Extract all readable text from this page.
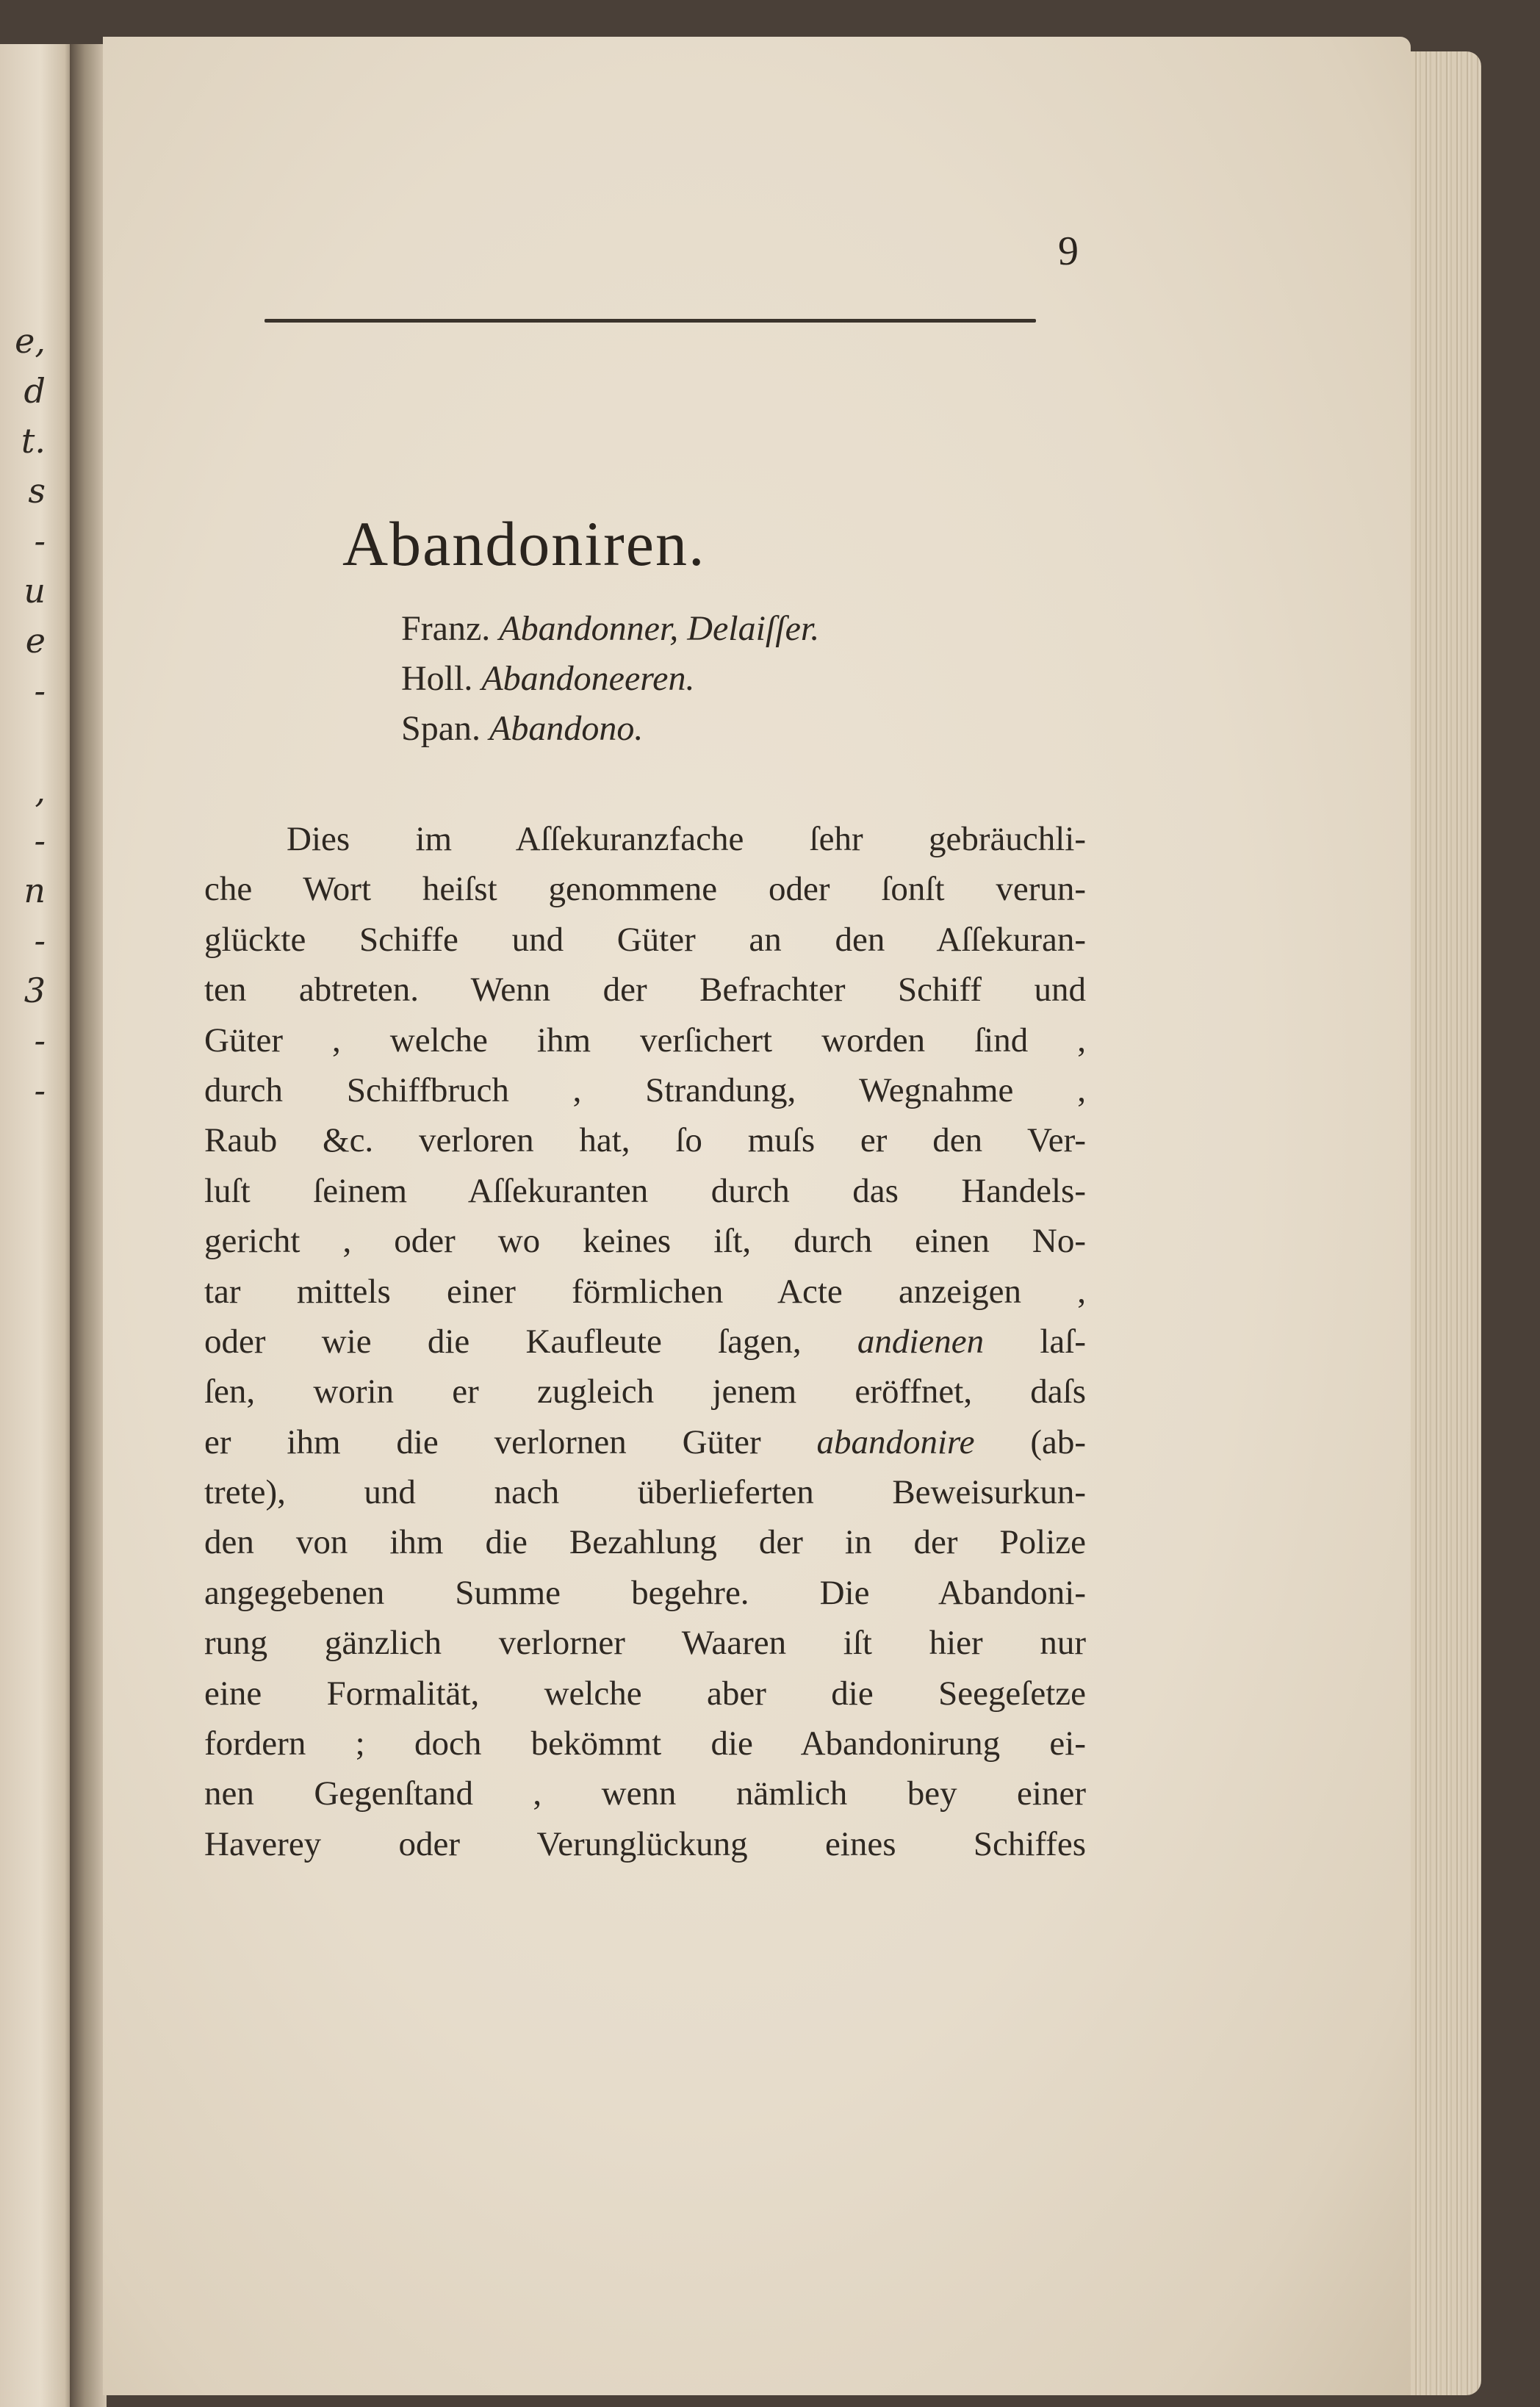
e,
d
t.
s
-
u
e
-
,
-
n
-
3
-
-
9
Abandoniren.
Franz. Abandonner, Delaiſſer.
Holl. Abandoneeren.
Span. Abandono.
Dies im Aſſekuranzfache ſehr gebräuchli-
che Wort heiſst genommene oder ſonſt verun-
glückte Schiffe und Güter an den Aſſekuran-
ten abtreten. Wenn der Befrachter Schiff und
Güter , welche ihm verſichert worden ſind ,
durch Schiffbruch , Strandung, Wegnahme ,
Raub &c. verloren hat, ſo muſs er den Ver-
luſt ſeinem Aſſekuranten durch das Handels-
gericht , oder wo keines iſt, durch einen No-
tar mittels einer förmlichen Acte anzeigen ,
oder wie die Kaufleute ſagen, andienen laſ-
ſen, worin er zugleich jenem eröffnet, daſs
er ihm die verlornen Güter abandonire (ab-
trete), und nach überlieferten Beweisurkun-
den von ihm die Bezahlung der in der Polize
angegebenen Summe begehre. Die Abandoni-
rung gänzlich verlorner Waaren iſt hier nur
eine Formalität, welche aber die Seegeſetze
fordern ; doch bekömmt die Abandonirung ei-
nen Gegenſtand , wenn nämlich bey einer
Haverey oder Verunglückung eines Schiffes
